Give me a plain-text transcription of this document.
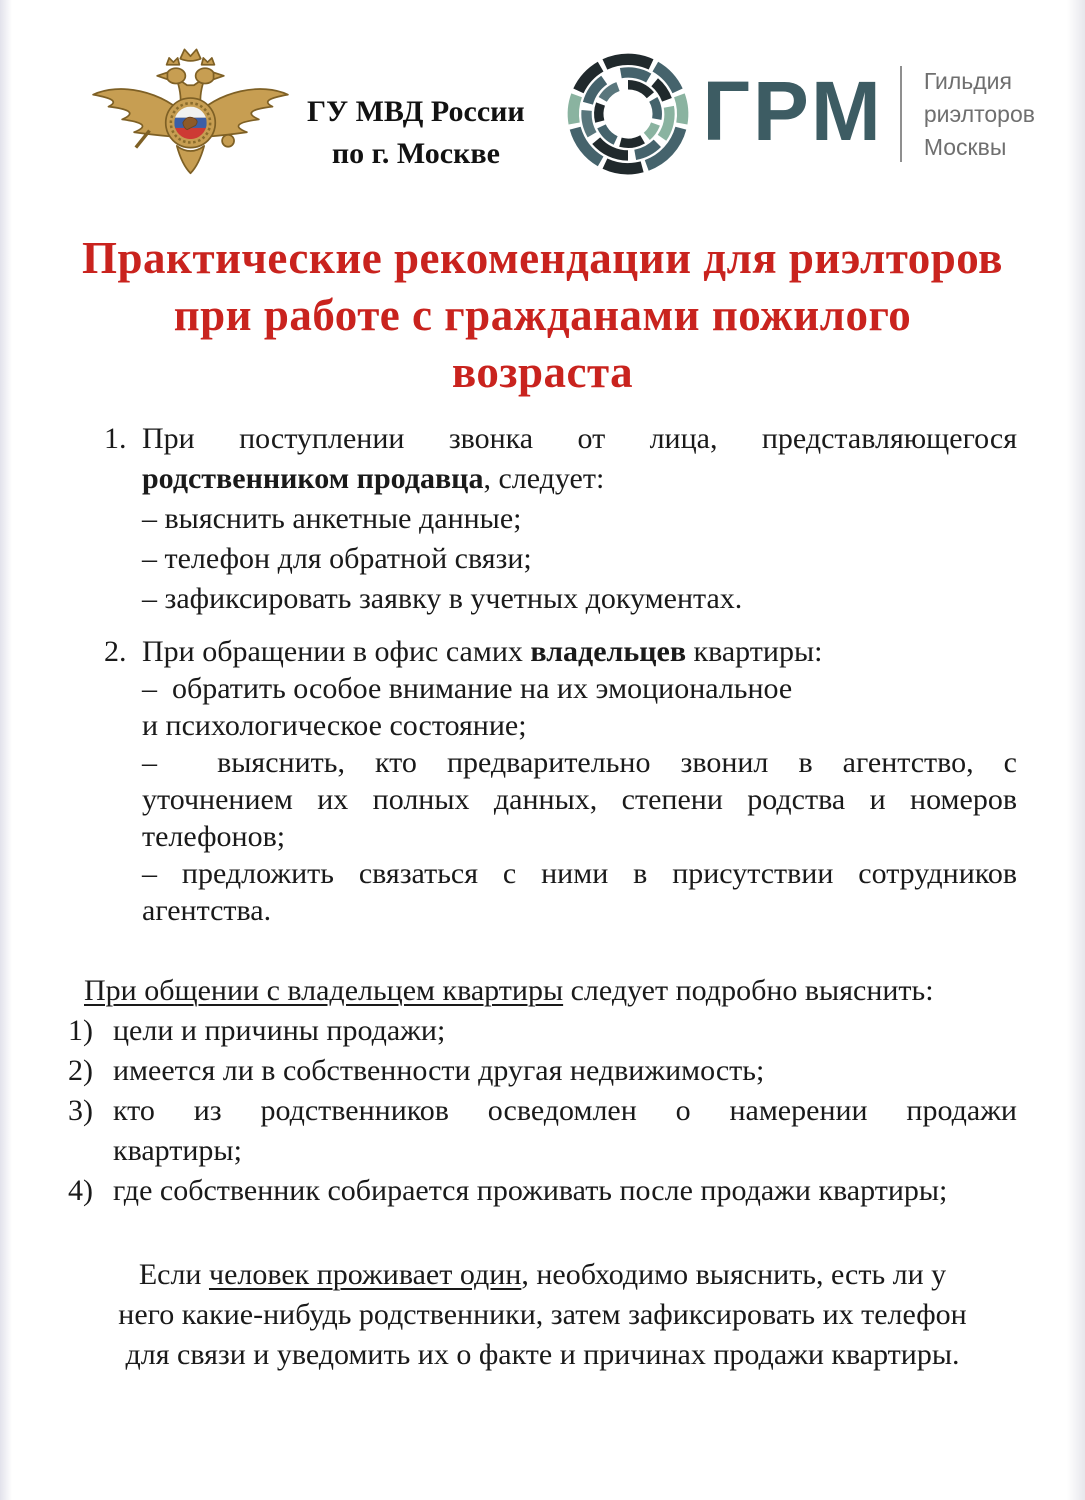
ГУ МВД России
по г. Москве ГРМ Гильдия
риэлторов
Москвы
Практические рекомендации для риэлторов
при работе с гражданами пожилого
возраста
1. При поступлении звонка от лица, представляющегося
родственником продавца, следует:
– выяснить анкетные данные;
– телефон для обратной связи;
– зафиксировать заявку в учетных документах.
2. При обращении в офис самих владельцев квартиры:
–  обратить особое внимание на их эмоциональное
и психологическое состояние;
–  выяснить, кто предварительно звонил в агентство, с
уточнением их полных данных, степени родства и номеров
телефонов;
– предложить связаться с ними в присутствии сотрудников
агентства.

При общении с владельцем квартиры следует подробно выяснить:

1) цели и причины продажи;
2) имеется ли в собственности другая недвижимость;
3) кто из родственников осведомлен о намерении продажи
квартиры;
4) где собственник собирается проживать после продажи квартиры;

Если человек проживает один, необходимо выяснить, есть ли у
него какие-нибудь родственники, затем зафиксировать их телефон
для связи и уведомить их о факте и причинах продажи квартиры.
